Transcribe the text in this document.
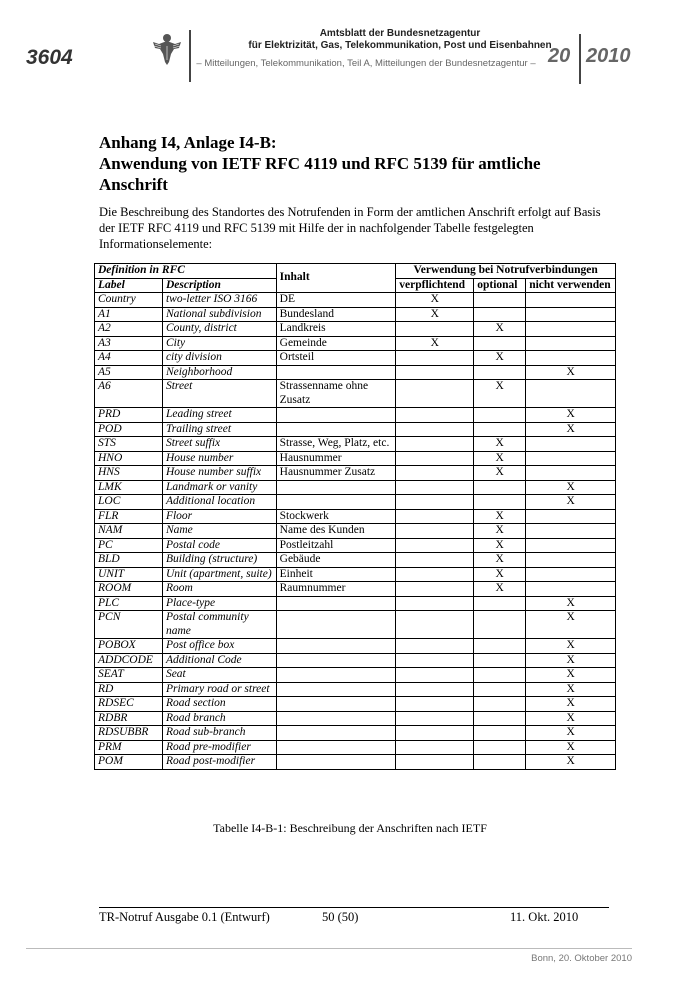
3604
Amtsblatt der Bundesnetzagentur
für Elektrizität, Gas, Telekommunikation, Post und Eisenbahnen
– Mitteilungen, Telekommunikation, Teil A, Mitteilungen der Bundesnetzagentur – 20 2010
Anhang I4, Anlage I4-B:
Anwendung von IETF RFC 4119 und RFC 5139 für amtliche
Anschrift
Die Beschreibung des Standortes des Notrufenden in Form der amtlichen Anschrift erfolgt auf Basis der IETF RFC 4119 und RFC 5139 mit Hilfe der in nachfolgender Tabelle festgelegten Informationselemente:
Definition in RFC		Inhalt	Verwendung bei Notrufverbindungen		
Label	Description		verpflichtend	optional	nicht verwenden
Country	two-letter ISO 3166	DE	X		
A1	National subdivision	Bundesland	X		
A2	County, district	Landkreis		X	
A3	City	Gemeinde	X		
A4	city division	Ortsteil		X	
A5	Neighborhood				X
A6	Street	Strassenname ohne Zusatz		X	
PRD	Leading street				X
POD	Trailing street				X
STS	Street suffix	Strasse, Weg, Platz, etc.		X	
HNO	House number	Hausnummer		X	
HNS	House number suffix	Hausnummer Zusatz		X	
LMK	Landmark or vanity				X
LOC	Additional location				X
FLR	Floor	Stockwerk		X	
NAM	Name	Name des Kunden		X	
PC	Postal code	Postleitzahl		X	
BLD	Building (structure)	Gebäude		X	
UNIT	Unit (apartment, suite)	Einheit		X	
ROOM	Room	Raumnummer		X	
PLC	Place-type				X
PCN	Postal community name				X
POBOX	Post office box				X
ADDCODE	Additional Code				X
SEAT	Seat				X
RD	Primary road or street				X
RDSEC	Road section				X
RDBR	Road branch				X
RDSUBBR	Road sub-branch				X
PRM	Road pre-modifier				X
POM	Road post-modifier				X
Tabelle I4-B-1: Beschreibung der Anschriften nach IETF
TR-Notruf Ausgabe 0.1 (Entwurf)	50 (50)	11. Okt. 2010
Bonn, 20. Oktober 2010
